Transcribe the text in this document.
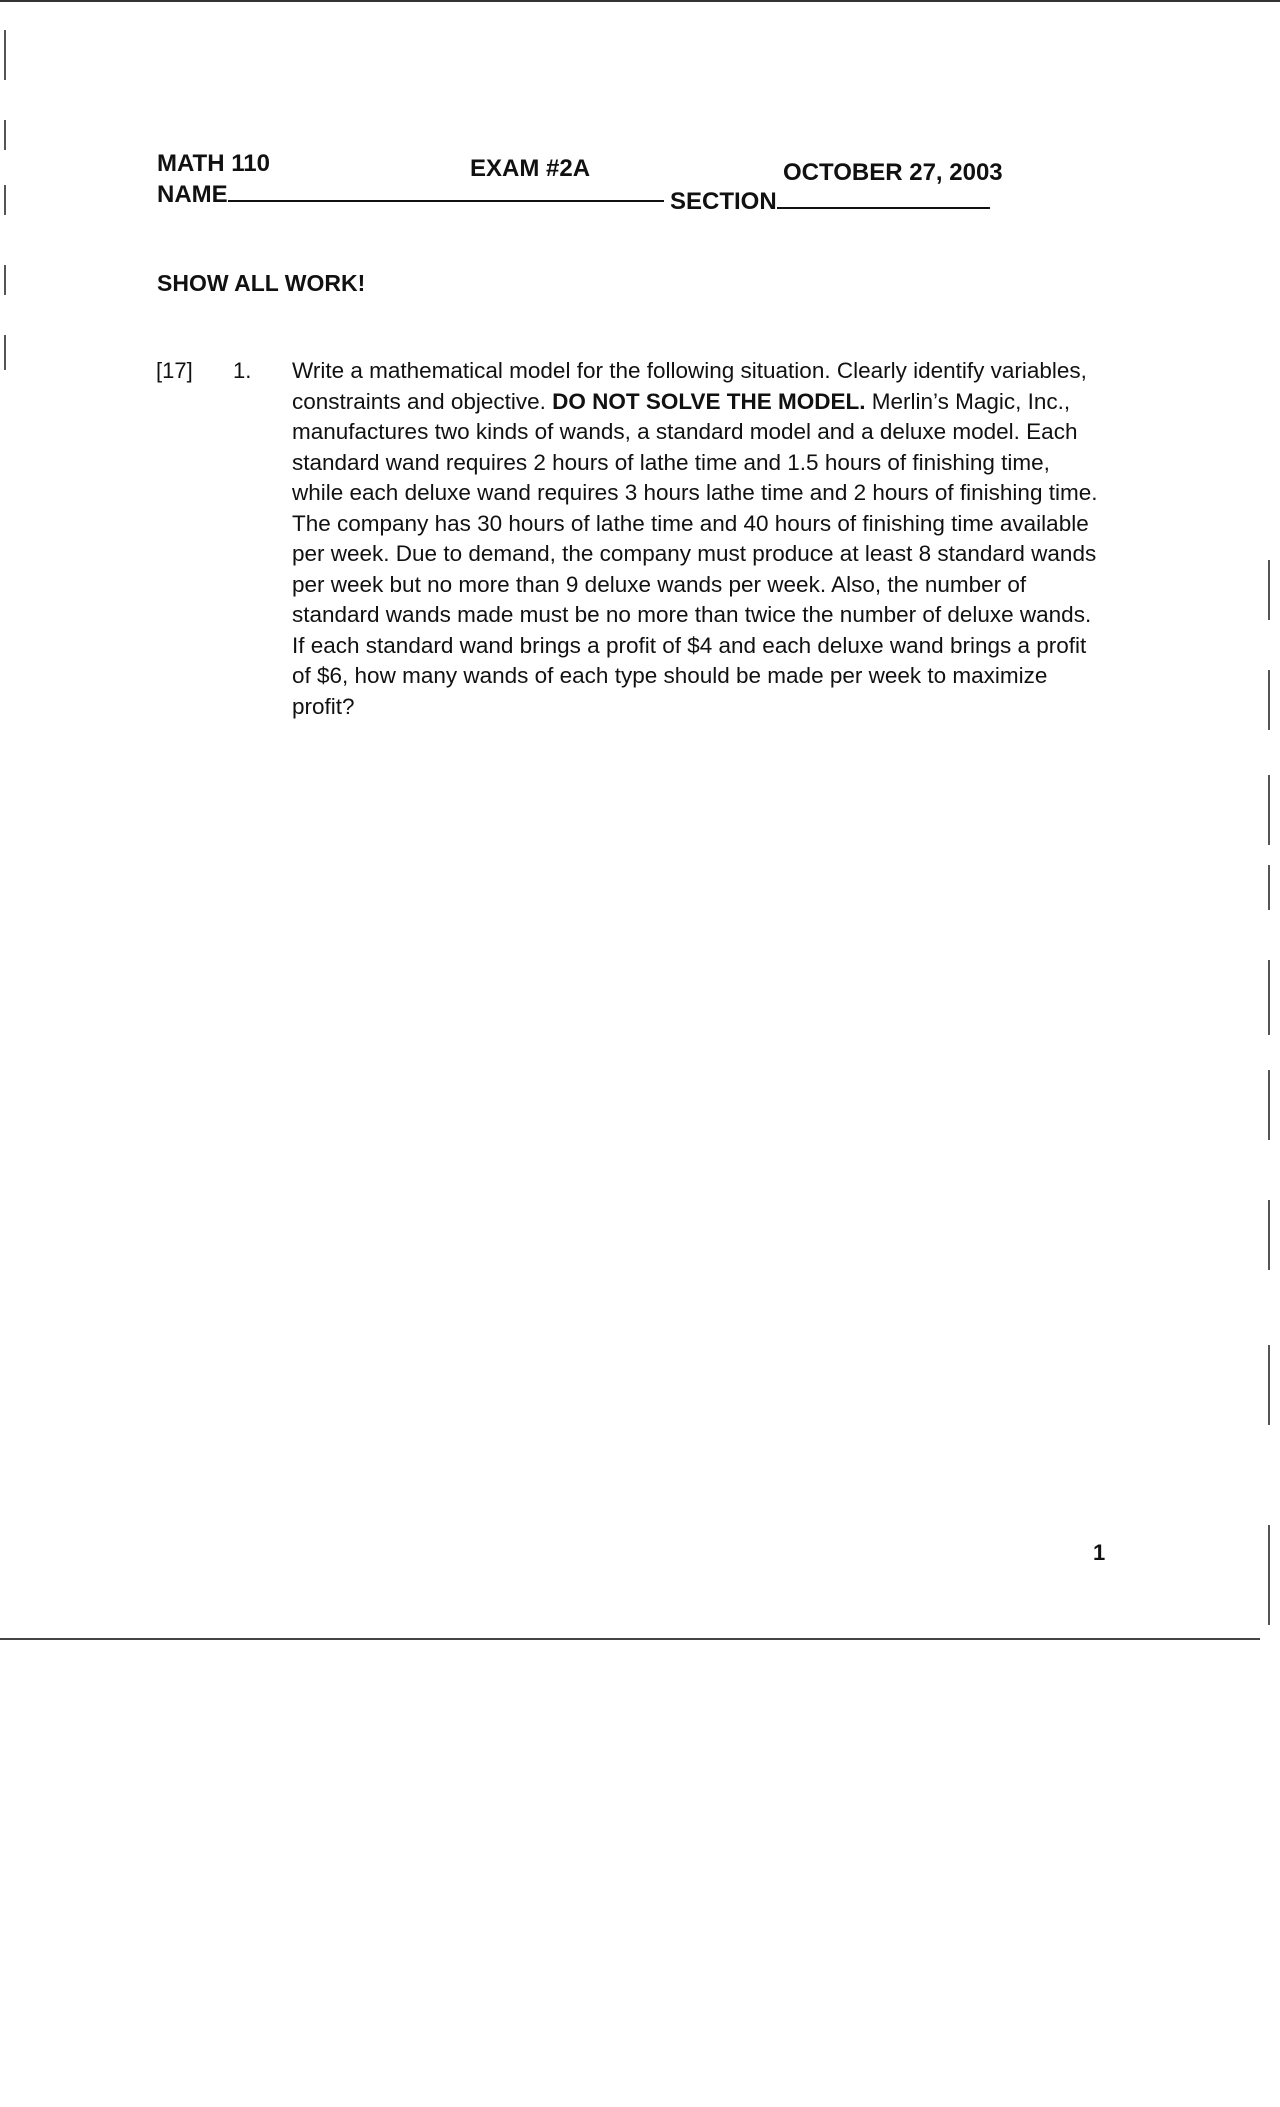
MATH 110	EXAM #2A	OCTOBER 27, 2003
NAME	SECTION
SHOW ALL WORK!
[17] 1. Write a mathematical model for the following situation. Clearly identify variables, constraints and objective. DO NOT SOLVE THE MODEL. Merlin’s Magic, Inc., manufactures two kinds of wands, a standard model and a deluxe model. Each standard wand requires 2 hours of lathe time and 1.5 hours of finishing time, while each deluxe wand requires 3 hours lathe time and 2 hours of finishing time. The company has 30 hours of lathe time and 40 hours of finishing time available per week. Due to demand, the company must produce at least 8 standard wands per week but no more than 9 deluxe wands per week. Also, the number of standard wands made must be no more than twice the number of deluxe wands. If each standard wand brings a profit of $4 and each deluxe wand brings a profit of $6, how many wands of each type should be made per week to maximize profit?

1
